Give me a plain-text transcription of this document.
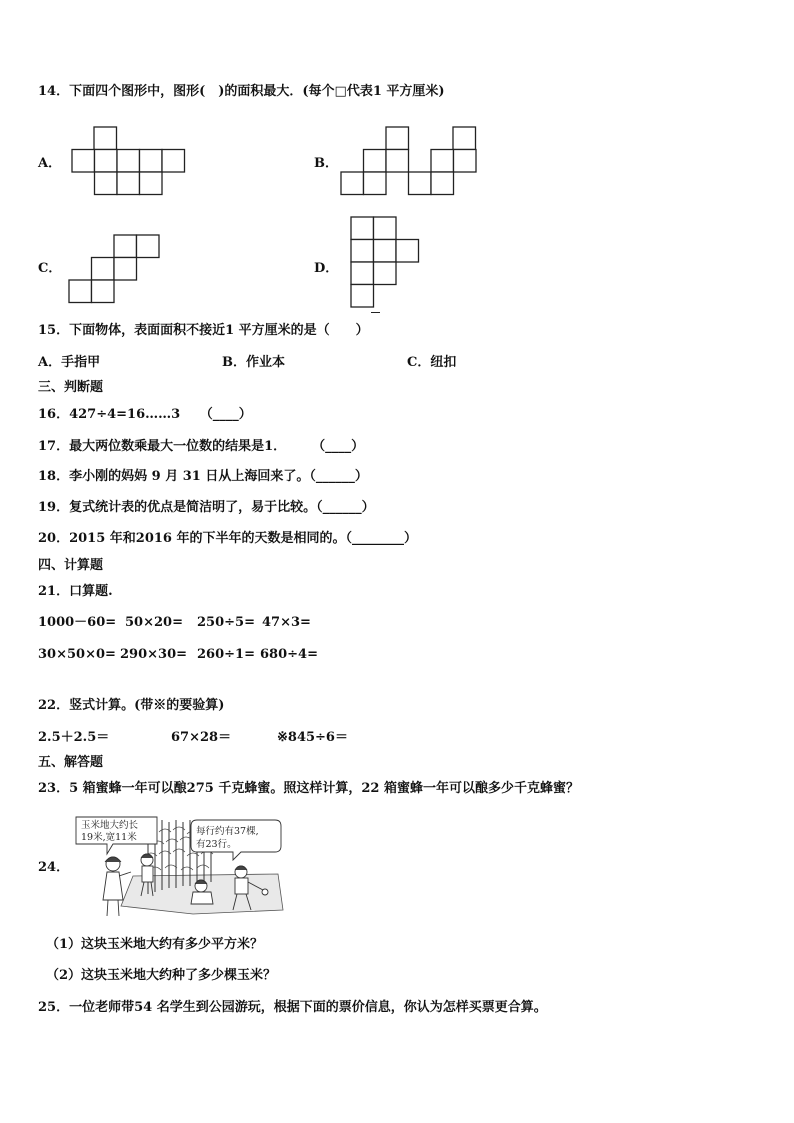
14．下面四个图形中，图形(　)的面积最大．(每个□代表1 平方厘米)
A．	B．
C．	D．
15．下面物体，表面面积不接近1 平方厘米的是（　　）
A．手指甲	B．作业本	C．纽扣
三、判断题
16．427÷4=16……3　　（____）
17．最大两位数乘最大一位数的结果是1．　　　（____）
18．李小刚的妈妈 9 月 31 日从上海回来了。（______）
19．复式统计表的优点是简洁明了，易于比较。（______）
20．2015 年和2016 年的下半年的天数是相同的。（________）
四、计算题
21．口算题.
1000－60= 50×20= 250÷5= 47×3=
30×50×0= 290×30= 260÷1= 680÷4=
22．竖式计算。(带※的要验算)
2.5＋2.5＝	67×28＝	※845÷6＝
五、解答题
23．5 箱蜜蜂一年可以酿275 千克蜂蜜。照这样计算，22 箱蜜蜂一年可以酿多少千克蜂蜜？
24．
玉米地大约长
19米,宽11米
每行约有37棵,
有23行。
（1）这块玉米地大约有多少平方米？
（2）这块玉米地大约种了多少棵玉米？
25．一位老师带54 名学生到公园游玩，根据下面的票价信息，你认为怎样买票更合算。
